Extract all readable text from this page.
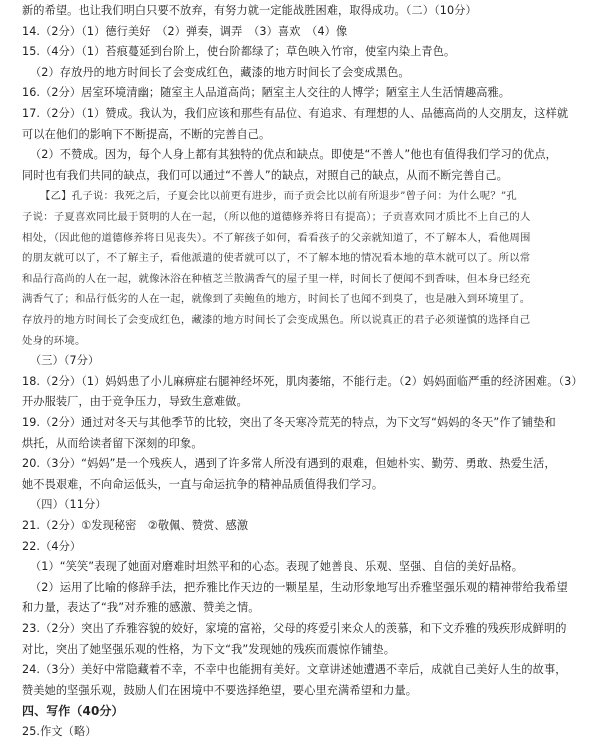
新的希望。也让我们明白只要不放弃，有努力就一定能战胜困难，取得成功。（二）（10分）
14.（2分）（1）德行美好　（2）弹奏，调弄　（3）喜欢　（4）像
15.（4分）（1）苔痕蔓延到台阶上，使台阶都绿了；草色映入竹帘，使室内染上青色。
（2）存放丹的地方时间长了会变成红色，藏漆的地方时间长了会变成黑色。
16.（2分）居室环境清幽；随室主人品道高尚；陋室主人交往的人博学；陋室主人生活情趣高雅。
17.（2分）（1）赞成。我认为，我们应该和那些有品位、有追求、有理想的人、品德高尚的人交朋友，这样就
可以在他们的影响下不断提高，不断的完善自己。
（2）不赞成。因为，每个人身上都有其独特的优点和缺点。即使是“不善人”他也有值得我们学习的优点，
同时也有我们共同的缺点，我们可以通过“不善人”的缺点，对照自己的缺点，从而不断完善自己。
【乙】孔子说：我死之后，子夏会比以前更有进步，而子贡会比以前有所退步”曾子问：为什么呢？”孔
子说：子夏喜欢同比最于贤明的人在一起，（所以他的道德修养将日有提高）；子贡喜欢同才质比不上自己的人
相处，（因此他的道德修养将日见丧失）。不了解孩子如何，看看孩子的父亲就知道了，不了解本人，看他周围
的朋友就可以了，不了解主子，看他派遣的使者就可以了，不了解本地的情况看本地的草木就可以了。所以常
和品行高尚的人在一起，就像沐浴在种植芝兰散满香气的屋子里一样，时间长了便闻不到香味，但本身已经充
满香气了；和品行低劣的人在一起，就像到了卖鲍鱼的地方，时间长了也闻不到臭了，也是融入到环境里了。
存放丹的地方时间长了会变成红色，藏漆的地方时间长了会变成黑色。所以说真正的君子必须谨慎的选择自己
处身的环境。
（三）（7分）
18.（2分）（1）妈妈患了小儿麻痹症右腿神经坏死，肌肉萎缩，不能行走。（2）妈妈面临严重的经济困难。（3）
开办服装厂，由于竞争压力，导致生意难做。
19.（2分）通过对冬天与其他季节的比较，突出了冬天寒冷荒芜的特点，为下文写“妈妈的冬天”作了铺垫和
烘托，从而给读者留下深刻的印象。
20.（3分）“妈妈”是一个残疾人，遇到了许多常人所没有遇到的艰难，但她朴实、勤劳、勇敢、热爱生活，
她不畏艰难，不向命运低头，一直与命运抗争的精神品质值得我们学习。
（四）（11分）
21.（2分）①发现秘密　②敬佩、赞赏、感激
22.（4分）
（1）“笑笑”表现了她面对磨难时坦然平和的心态。表现了她善良、乐观、坚强、自信的美好品格。
（2）运用了比喻的修辞手法，把乔雅比作天边的一颗星星，生动形象地写出乔雅坚强乐观的精神带给我希望
和力量，表达了“我”对乔雅的感激、赞美之情。
23.（2分）突出了乔雅容貌的姣好，家境的富裕，父母的疼爱引来众人的羡慕，和下文乔雅的残疾形成鲜明的
对比，突出了她坚强乐观的性格，为下文“我”发现她的残疾而震惊作铺垫。
24.（3分）美好中常隐藏着不幸，不幸中也能拥有美好。文章讲述她遭遇不幸后，成就自己美好人生的故事，
赞美她的坚强乐观，鼓励人们在困境中不要选择绝望，要心里充满希望和力量。
四、写作（40分）
25.作文（略）
